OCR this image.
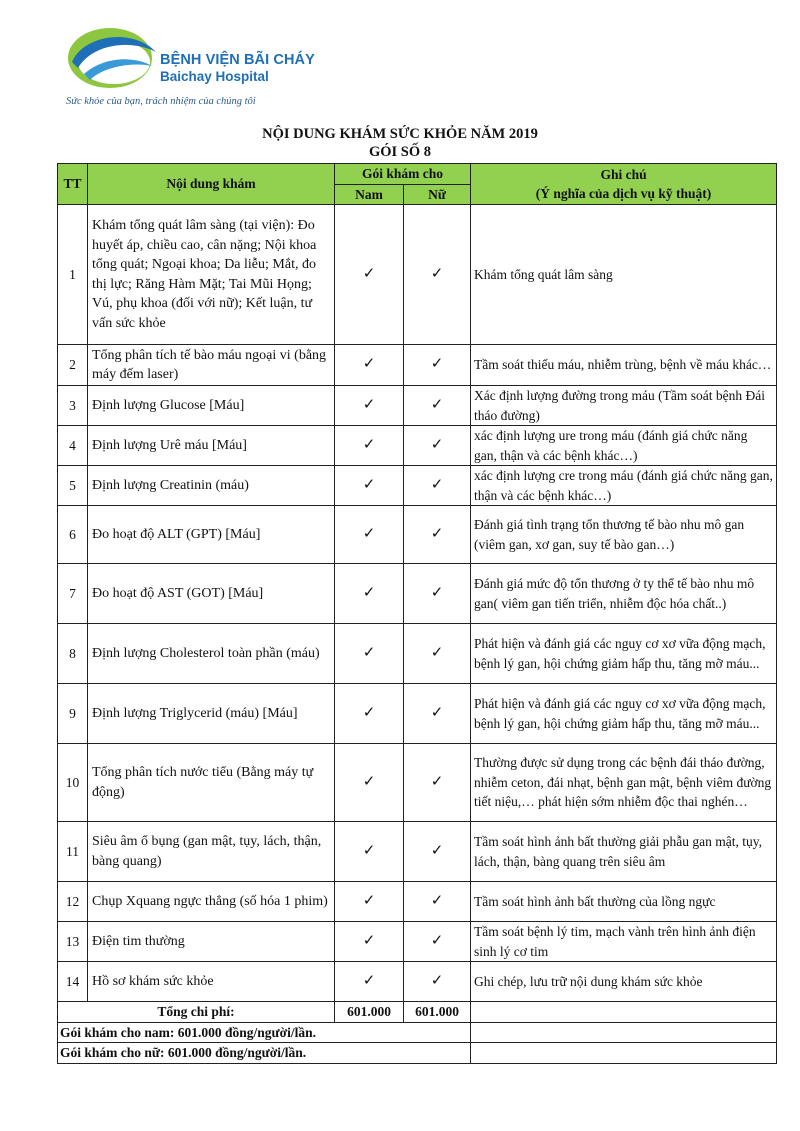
BỆNH VIỆN BÃI CHÁY
Baichay Hospital
Sức khỏe của bạn, trách nhiệm của chúng tôi
NỘI DUNG KHÁM SỨC KHỎE NĂM 2019
GÓI SỐ 8
TT	Nội dung khám	Gói khám cho		Ghi chú
(Ý nghĩa của dịch vụ kỹ thuật)

		Nam	Nữ	
1	Khám tổng quát lâm sàng (tại viện): Đo huyết áp, chiều cao, cân nặng; Nội khoa tổng quát; Ngoại khoa; Da liễu; Mắt, đo thị lực; Răng Hàm Mặt; Tai Mũi Họng; Vú, phụ khoa (đối với nữ); Kết luận, tư vấn sức khỏe	✓	✓	Khám tổng quát lâm sàng
2	Tổng phân tích tế bào máu ngoại vi (bằng máy đếm laser)	✓	✓	Tầm soát thiếu máu, nhiễm trùng, bệnh về máu khác…
3	Định lượng Glucose [Máu]	✓	✓	Xác định lượng đường trong máu (Tầm soát bệnh Đái tháo đường)
4	Định lượng Urê máu [Máu]	✓	✓	xác định lượng ure trong máu (đánh giá chức năng gan, thận và các bệnh khác…)
5	Định lượng Creatinin (máu)	✓	✓	xác định lượng cre trong máu (đánh giá chức năng gan, thận và các bệnh khác…)
6	Đo hoạt độ ALT (GPT) [Máu]	✓	✓	Đánh giá tình trạng tổn thương tế bào nhu mô gan (viêm gan, xơ gan, suy tế bào gan…)
7	Đo hoạt độ AST (GOT) [Máu]	✓	✓	Đánh giá mức độ tổn thương ở ty thể tế bào nhu mô gan( viêm gan tiến triển, nhiễm độc hóa chất..)
8	Định lượng Cholesterol toàn phần (máu)	✓	✓	Phát hiện và đánh giá các nguy cơ xơ vữa động mạch, bệnh lý gan, hội chứng giảm hấp thu, tăng mỡ máu...
9	Định lượng Triglycerid (máu) [Máu]	✓	✓	Phát hiện và đánh giá các nguy cơ xơ vữa động mạch, bệnh lý gan, hội chứng giảm hấp thu, tăng mỡ máu...
10	Tổng phân tích nước tiểu (Bằng máy tự động)	✓	✓	Thường được sử dụng trong các bệnh đái tháo đường, nhiễm ceton, đái nhạt, bệnh gan mật, bệnh viêm đường tiết niệu,… phát hiện sớm nhiễm độc thai nghén…
11	Siêu âm ổ bụng (gan mật, tụy, lách, thận, bàng quang)	✓	✓	Tầm soát hình ảnh bất thường giải phẫu gan mật, tụy, lách, thận, bàng quang trên siêu âm
12	Chụp Xquang ngực thẳng (số hóa 1 phim)	✓	✓	Tầm soát hình ảnh bất thường của lồng ngực
13	Điện tim thường	✓	✓	Tầm soát bệnh lý tim, mạch vành trên hình ảnh điện sinh lý cơ tim
14	Hồ sơ khám sức khỏe	✓	✓	Ghi chép, lưu trữ nội dung khám sức khỏe
Tổng chi phí:		601.000	601.000	
Gói khám cho nam: 601.000 đồng/người/lần.				
Gói khám cho nữ: 601.000 đồng/người/lần.				
